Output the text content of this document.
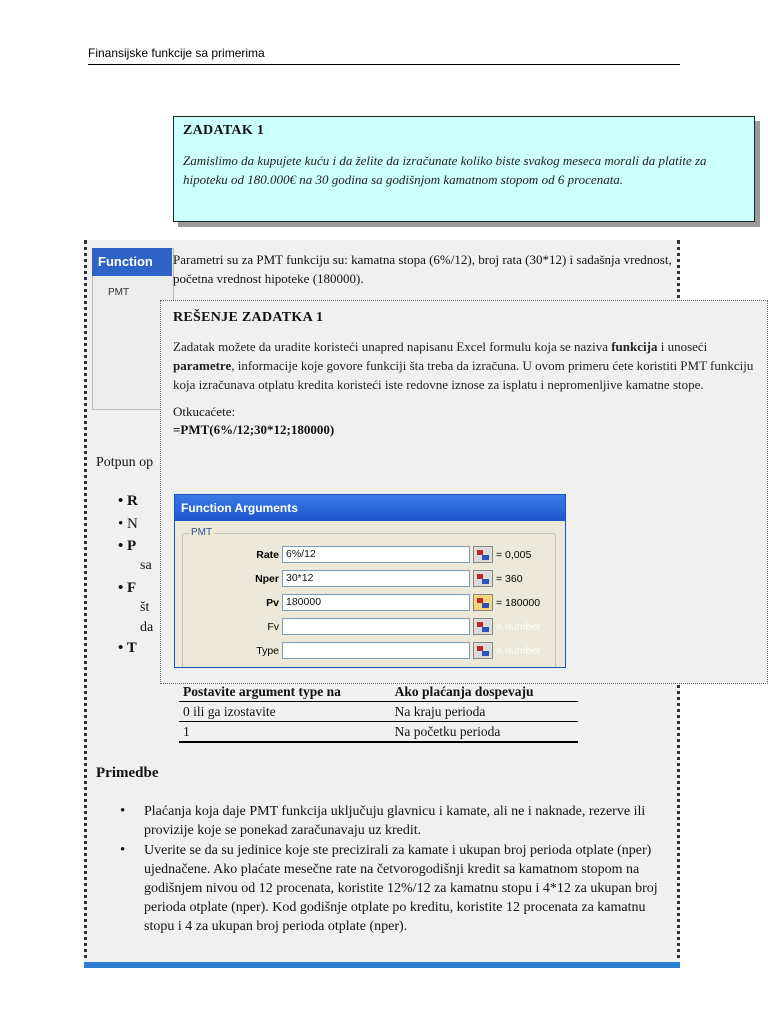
Finansijske funkcije sa primerima
Function
PMT
Potpun op
• R
• N
• P
sa
• F
št
da
• T
ZADATAK 1
Zamislimo da kupujete kuću i da želite da izračunate koliko biste svakog meseca morali da platite za hipoteku od 180.000€ na 30 godina sa godišnjom kamatnom stopom od 6 procenata.
Parametri su za PMT funkciju su: kamatna stopa (6%/12), broj rata (30*12) i sadašnja vrednost, početna vrednost hipoteke (180000).
REŠENJE ZADATKA 1
Zadatak možete da uradite koristeći unapred napisanu Excel formulu koja se naziva funkcija i unoseći parametre, informacije koje govore funkciji šta treba da izračuna. U ovom primeru ćete koristiti PMT funkciju koja izračunava otplatu kredita koristeći iste redovne iznose za isplatu i nepromenljive kamatne stope.
Otkucaćete:
=PMT(6%/12;30*12;180000)
Function Arguments
PMT
Rate 6%/12	= 0,005
Nper 30*12	= 360
Pv 180000	= 180000
Fv	= number
Type	= number
Postavite argument type na	Ako plaćanja dospevaju
0 ili ga izostavite	Na kraju perioda
1	Na početku perioda
Primedbe
• Plaćanja koja daje PMT funkcija uključuju glavnicu i kamate, ali ne i naknade, rezerve ili provizije koje se ponekad zaračunavaju uz kredit.
• Uverite se da su jedinice koje ste precizirali za kamate i ukupan broj perioda otplate (nper) ujednačene. Ako plaćate mesečne rate na četvorogodišnji kredit sa kamatnom stopom na godišnjem nivou od 12 procenata, koristite 12%/12 za kamatnu stopu i 4*12 za ukupan broj perioda otplate (nper). Kod godišnje otplate po kreditu, koristite 12 procenata za kamatnu stopu i 4 za ukupan broj perioda otplate (nper).
